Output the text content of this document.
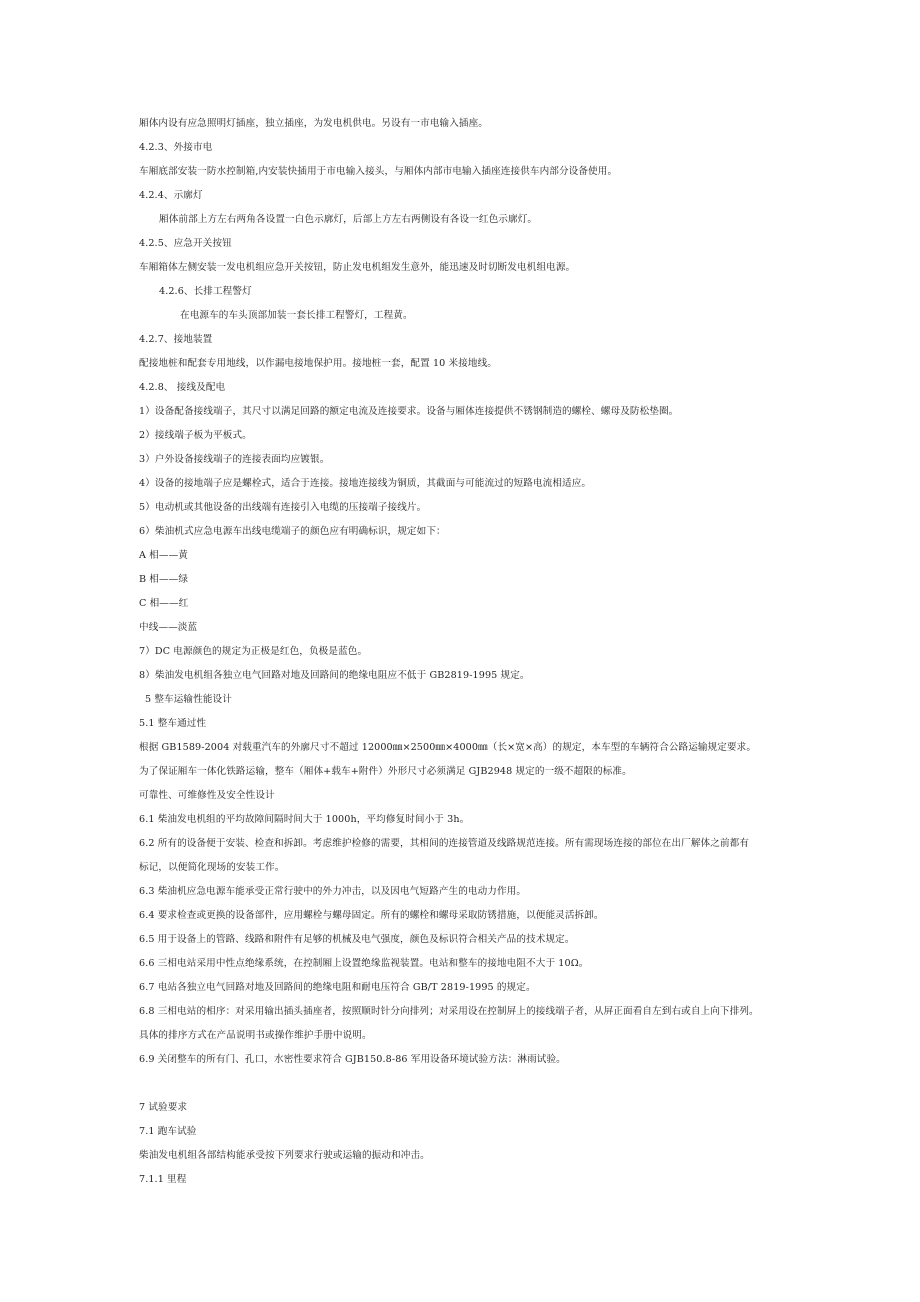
厢体内设有应急照明灯插座，独立插座，为发电机供电。另设有一市电输入插座。
4.2.3、外接市电
车厢底部安装一防水控制箱,内安装快插用于市电输入接头，与厢体内部市电输入插座连接供车内部分设备使用。
4.2.4、示廓灯
厢体前部上方左右两角各设置一白色示廓灯，后部上方左右两侧设有各设一红色示廓灯。
4.2.5、应急开关按钮
车厢箱体左侧安装一发电机组应急开关按钮，防止发电机组发生意外，能迅速及时切断发电机组电源。
4.2.6、长排工程警灯
在电源车的车头顶部加装一套长排工程警灯，工程黄。
4.2.7、接地装置
配接地桩和配套专用地线，以作漏电接地保护用。接地桩一套，配置 10 米接地线。
4.2.8、 接线及配电
1）设备配备接线端子，其尺寸以满足回路的额定电流及连接要求。设备与厢体连接提供不锈钢制造的螺栓、螺母及防松垫圈。
2）接线端子板为平板式。
3）户外设备接线端子的连接表面均应镀银。
4）设备的接地端子应是螺栓式，适合于连接。接地连接线为铜质，其截面与可能流过的短路电流相适应。
5）电动机或其他设备的出线端有连接引入电缆的压接端子接线片。
6）柴油机式应急电源车出线电缆端子的颜色应有明确标识，规定如下：
A 相——黄
B 相——绿
C 相——红
中线——淡蓝
7）DC 电源颜色的规定为正极是红色，负极是蓝色。
8）柴油发电机组各独立电气回路对地及回路间的绝缘电阻应不低于 GB2819-1995 规定。
5 整车运输性能设计
5.1 整车通过性
根据 GB1589-2004 对载重汽车的外廓尺寸不超过 12000㎜×2500㎜×4000㎜（长×宽×高）的规定，本车型的车辆符合公路运输规定要求。
为了保证厢车一体化铁路运输，整车（厢体+载车+附件）外形尺寸必须满足 GJB2948 规定的一级不超限的标准。
可靠性、可维修性及安全性设计
6.1 柴油发电机组的平均故障间隔时间大于 1000h，平均修复时间小于 3h。
6.2 所有的设备便于安装、检查和拆卸。考虑维护检修的需要，其相间的连接管道及线路规范连接。所有需现场连接的部位在出厂解体之前都有
标记，以便简化现场的安装工作。
6.3 柴油机应急电源车能承受正常行驶中的外力冲击，以及因电气短路产生的电动力作用。
6.4 要求检查或更换的设备部件，应用螺栓与螺母固定。所有的螺栓和螺母采取防锈措施，以便能灵活拆卸。
6.5 用于设备上的管路、线路和附件有足够的机械及电气强度，颜色及标识符合相关产品的技术规定。
6.6 三相电站采用中性点绝缘系统，在控制厢上设置绝缘监视装置。电站和整车的接地电阻不大于 10Ω。
6.7 电站各独立电气回路对地及回路间的绝缘电阻和耐电压符合 GB/T 2819-1995 的规定。
6.8 三相电站的相序：对采用输出插头插座者，按照顺时针分向排列；对采用设在控制屏上的接线端子者，从屏正面看自左到右或自上向下排列。
具体的排序方式在产品说明书或操作维护手册中说明。
6.9 关闭整车的所有门、孔口，水密性要求符合 GJB150.8-86 军用设备环境试验方法：淋雨试验。
7 试验要求
7.1 跑车试验
柴油发电机组各部结构能承受按下列要求行驶或运输的振动和冲击。
7.1.1 里程
